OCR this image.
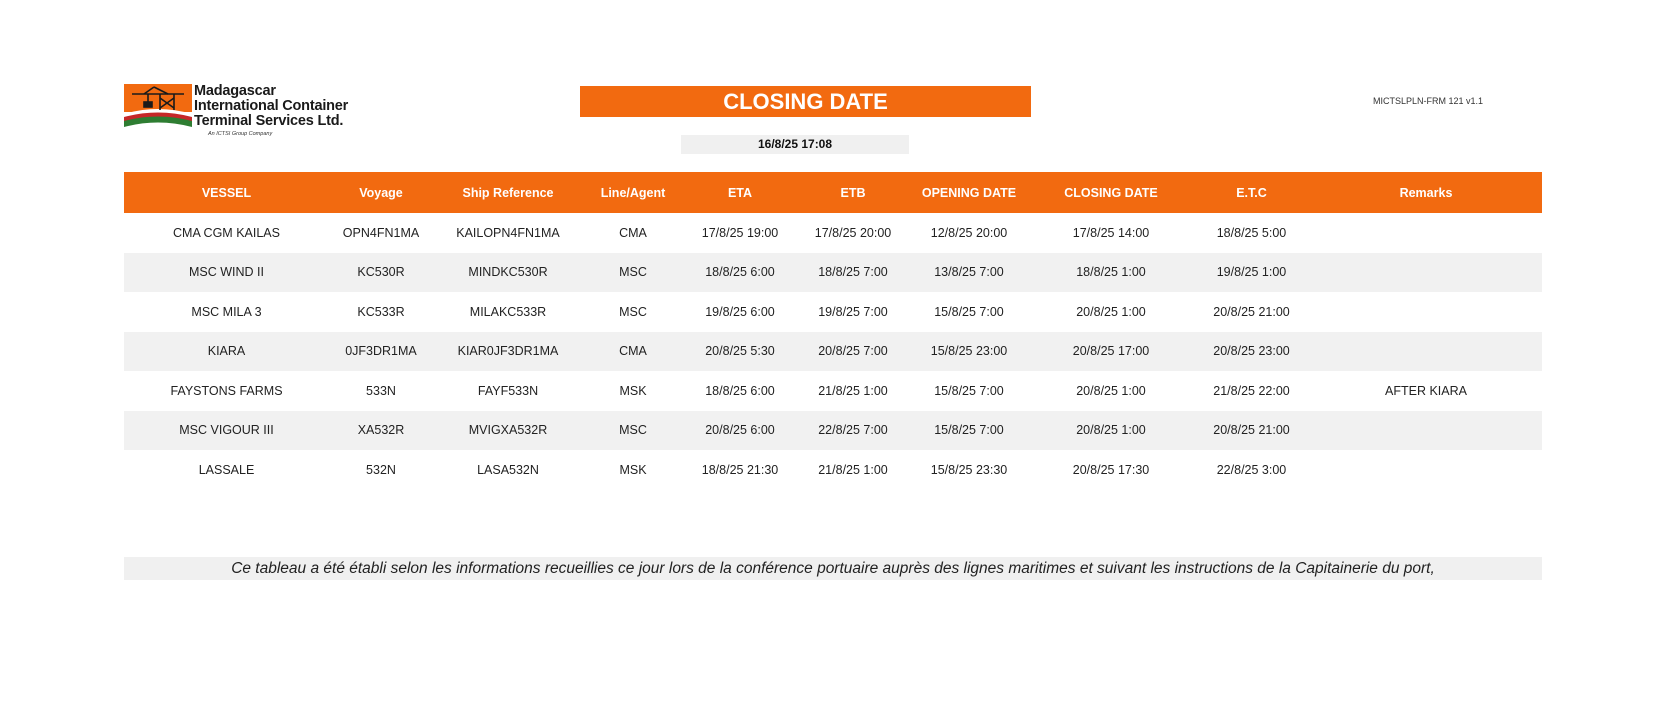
Madagascar
International Container
Terminal Services Ltd.
An ICTSI Group Company
CLOSING DATE	MICTSLPLN-FRM 121 v1.1
16/8/25 17:08
VESSEL	Voyage	Ship Reference	Line/Agent	ETA	ETB	OPENING DATE	CLOSING DATE	E.T.C	Remarks
CMA CGM KAILAS	OPN4FN1MA	KAILOPN4FN1MA	CMA	17/8/25 19:00	17/8/25 20:00	12/8/25 20:00	17/8/25 14:00	18/8/25 5:00	
MSC WIND II	KC530R	MINDKC530R	MSC	18/8/25 6:00	18/8/25 7:00	13/8/25 7:00	18/8/25 1:00	19/8/25 1:00	
MSC MILA 3	KC533R	MILAKC533R	MSC	19/8/25 6:00	19/8/25 7:00	15/8/25 7:00	20/8/25 1:00	20/8/25 21:00	
KIARA	0JF3DR1MA	KIAR0JF3DR1MA	CMA	20/8/25 5:30	20/8/25 7:00	15/8/25 23:00	20/8/25 17:00	20/8/25 23:00	
FAYSTONS FARMS	533N	FAYF533N	MSK	18/8/25 6:00	21/8/25 1:00	15/8/25 7:00	20/8/25 1:00	21/8/25 22:00	AFTER KIARA
MSC VIGOUR III	XA532R	MVIGXA532R	MSC	20/8/25 6:00	22/8/25 7:00	15/8/25 7:00	20/8/25 1:00	20/8/25 21:00	
LASSALE	532N	LASA532N	MSK	18/8/25 21:30	21/8/25 1:00	15/8/25 23:30	20/8/25 17:30	22/8/25 3:00	
Ce tableau a été établi selon les informations recueillies ce jour lors de la conférence portuaire auprès des lignes maritimes et suivant les instructions de la Capitainerie du port,
